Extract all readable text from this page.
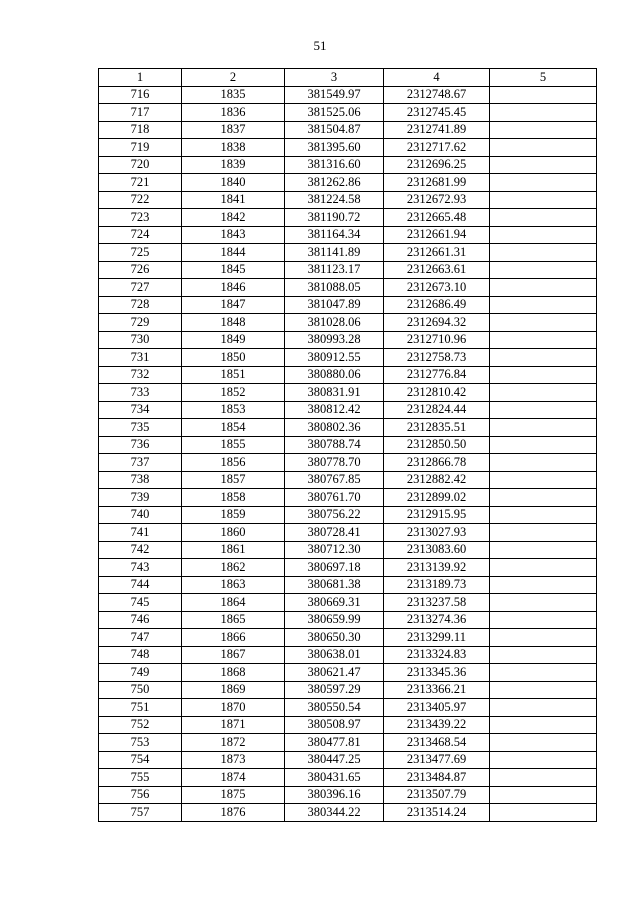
51
1	2	3	4	5
716	1835	381549.97	2312748.67	
717	1836	381525.06	2312745.45	
718	1837	381504.87	2312741.89	
719	1838	381395.60	2312717.62	
720	1839	381316.60	2312696.25	
721	1840	381262.86	2312681.99	
722	1841	381224.58	2312672.93	
723	1842	381190.72	2312665.48	
724	1843	381164.34	2312661.94	
725	1844	381141.89	2312661.31	
726	1845	381123.17	2312663.61	
727	1846	381088.05	2312673.10	
728	1847	381047.89	2312686.49	
729	1848	381028.06	2312694.32	
730	1849	380993.28	2312710.96	
731	1850	380912.55	2312758.73	
732	1851	380880.06	2312776.84	
733	1852	380831.91	2312810.42	
734	1853	380812.42	2312824.44	
735	1854	380802.36	2312835.51	
736	1855	380788.74	2312850.50	
737	1856	380778.70	2312866.78	
738	1857	380767.85	2312882.42	
739	1858	380761.70	2312899.02	
740	1859	380756.22	2312915.95	
741	1860	380728.41	2313027.93	
742	1861	380712.30	2313083.60	
743	1862	380697.18	2313139.92	
744	1863	380681.38	2313189.73	
745	1864	380669.31	2313237.58	
746	1865	380659.99	2313274.36	
747	1866	380650.30	2313299.11	
748	1867	380638.01	2313324.83	
749	1868	380621.47	2313345.36	
750	1869	380597.29	2313366.21	
751	1870	380550.54	2313405.97	
752	1871	380508.97	2313439.22	
753	1872	380477.81	2313468.54	
754	1873	380447.25	2313477.69	
755	1874	380431.65	2313484.87	
756	1875	380396.16	2313507.79	
757	1876	380344.22	2313514.24	
